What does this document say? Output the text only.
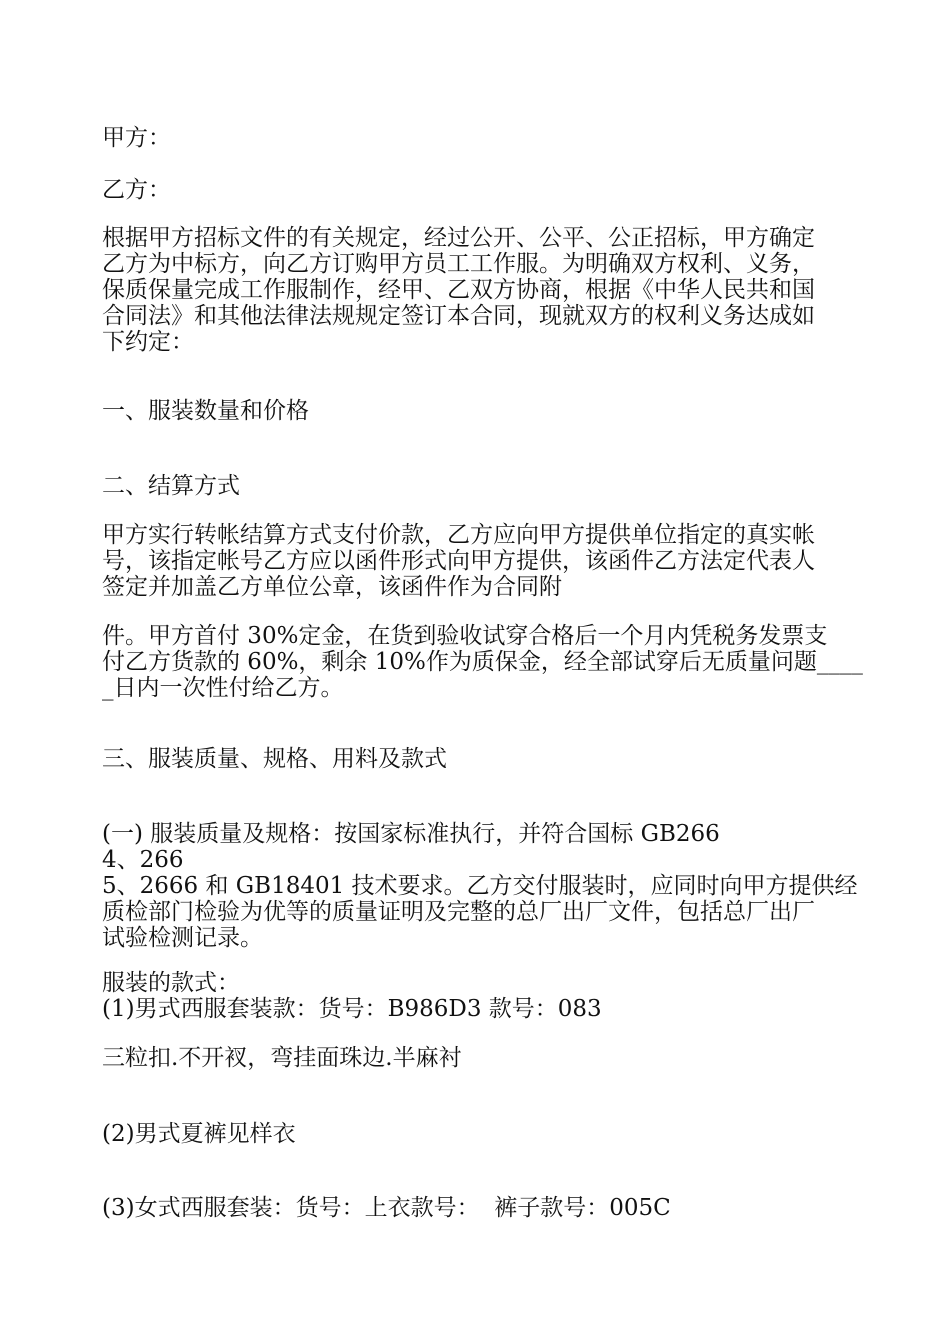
甲方：
乙方：
根据甲方招标文件的有关规定，经过公开、公平、公正招标，甲方确定
乙方为中标方，向乙方订购甲方员工工作服。为明确双方权利、义务，
保质保量完成工作服制作，经甲、乙双方协商，根据《中华人民共和国
合同法》和其他法律法规规定签订本合同，现就双方的权利义务达成如
下约定：
一、服装数量和价格
二、结算方式
甲方实行转帐结算方式支付价款，乙方应向甲方提供单位指定的真实帐
号，该指定帐号乙方应以函件形式向甲方提供，该函件乙方法定代表人
签定并加盖乙方单位公章，该函件作为合同附
件。甲方首付 30%定金，在货到验收试穿合格后一个月内凭税务发票支
付乙方货款的 60%，剩余 10%作为质保金，经全部试穿后无质量问题____
_日内一次性付给乙方。
三、服装质量、规格、用料及款式
(一) 服装质量及规格：按国家标准执行，并符合国标 GB266
4、266
5、2666 和 GB18401 技术要求。乙方交付服装时，应同时向甲方提供经
质检部门检验为优等的质量证明及完整的总厂出厂文件，包括总厂出厂
试验检测记录。
服装的款式：
(1)男式西服套装款：货号：B986D3 款号：083
三粒扣.不开衩，弯挂面珠边.半麻衬
(2)男式夏裤见样衣
(3)女式西服套装：货号：上衣款号：  裤子款号：005C
